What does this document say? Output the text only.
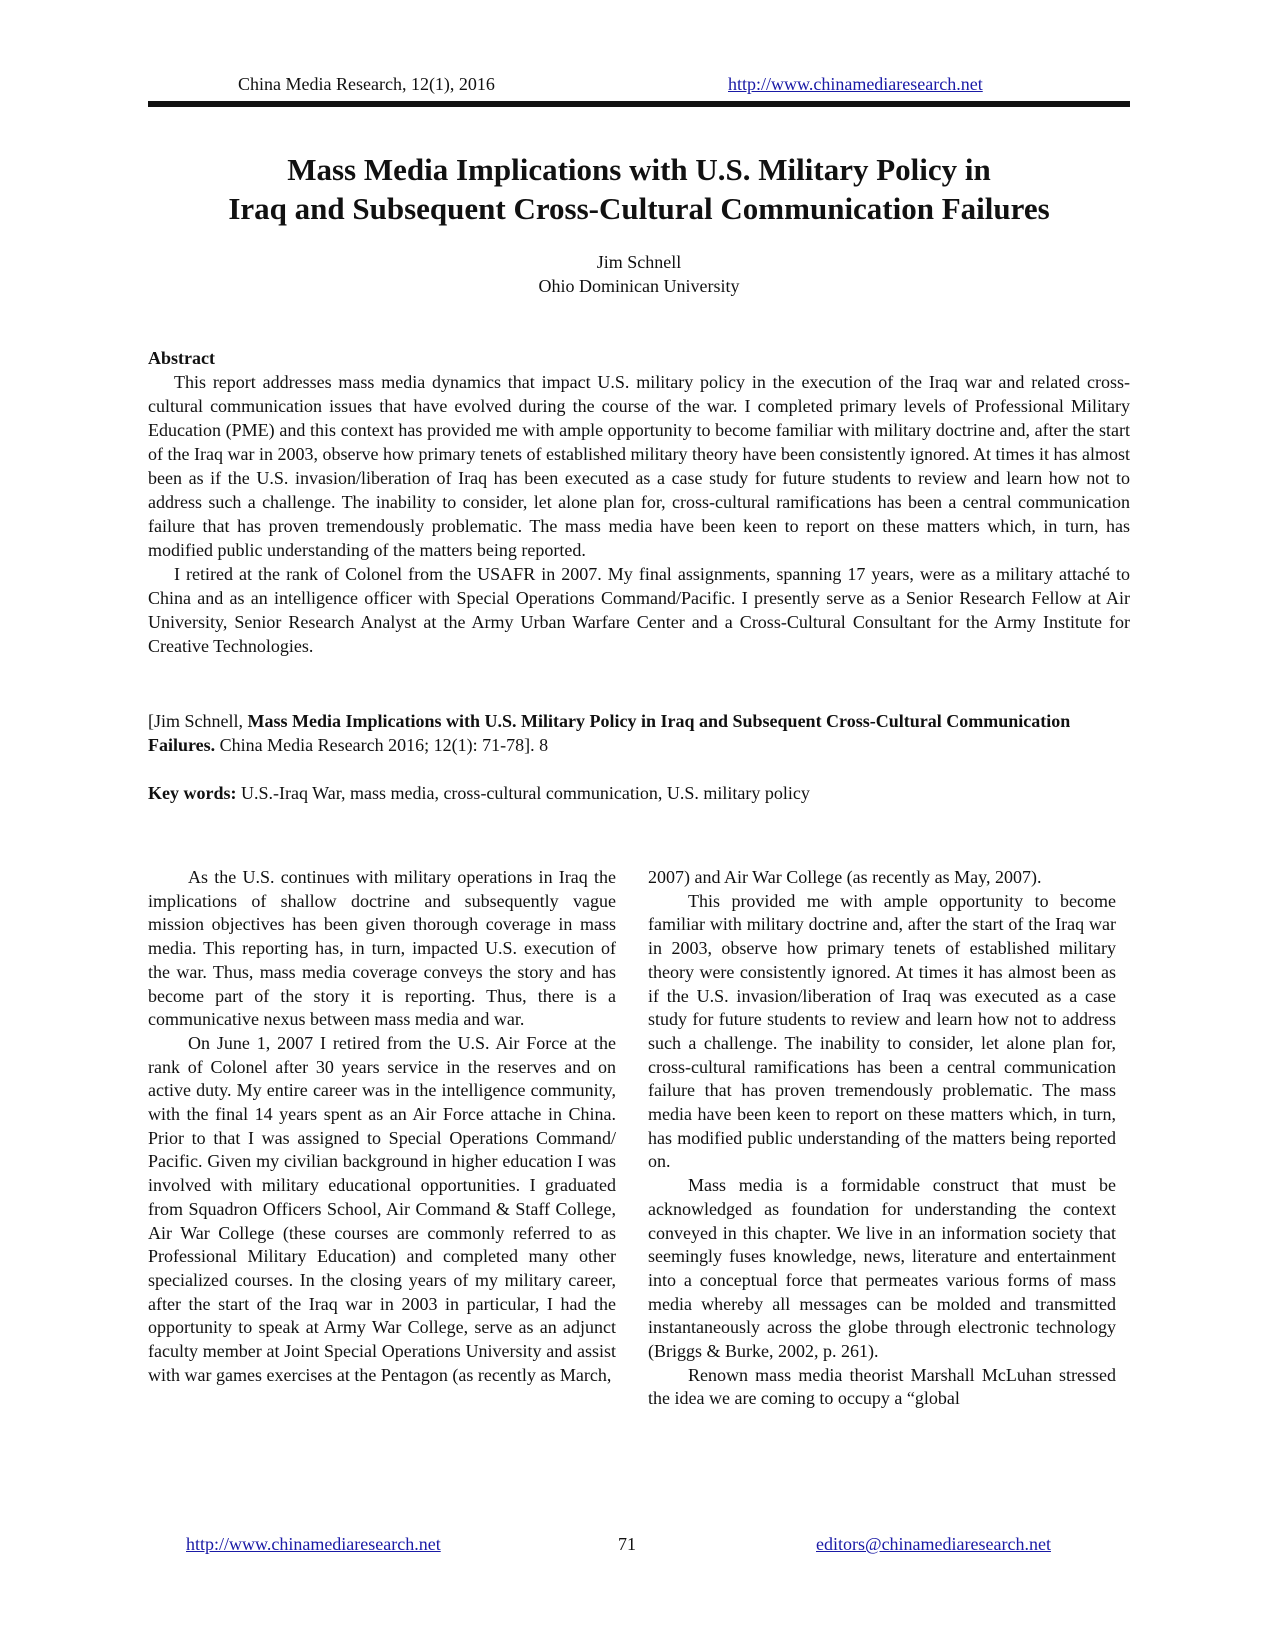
China Media Research, 12(1), 2016	http://www.chinamediaresearch.net
Mass Media Implications with U.S. Military Policy in
Iraq and Subsequent Cross-Cultural Communication Failures
Jim Schnell
Ohio Dominican University
Abstract

This report addresses mass media dynamics that impact U.S. military policy in the execution of the Iraq war and related cross-cultural communication issues that have evolved during the course of the war. I completed primary levels of Professional Military Education (PME) and this context has provided me with ample opportunity to become familiar with military doctrine and, after the start of the Iraq war in 2003, observe how primary tenets of established military theory have been consistently ignored. At times it has almost been as if the U.S. invasion/liberation of Iraq has been executed as a case study for future students to review and learn how not to address such a challenge. The inability to consider, let alone plan for, cross-cultural ramifications has been a central communication failure that has proven tremendously problematic. The mass media have been keen to report on these matters which, in turn, has modified public understanding of the matters being reported.

I retired at the rank of Colonel from the USAFR in 2007. My final assignments, spanning 17 years, were as a military attaché to China and as an intelligence officer with Special Operations Command/Pacific. I presently serve as a Senior Research Fellow at Air University, Senior Research Analyst at the Army Urban Warfare Center and a Cross-Cultural Consultant for the Army Institute for Creative Technologies.

[Jim Schnell, Mass Media Implications with U.S. Military Policy in Iraq and Subsequent Cross-Cultural Communication Failures. China Media Research 2016; 12(1): 71-78]. 8
Key words: U.S.-Iraq War, mass media, cross-cultural communication, U.S. military policy

As the U.S. continues with military operations in Iraq the implications of shallow doctrine and subsequently vague mission objectives has been given thorough coverage in mass media. This reporting has, in turn, impacted U.S. execution of the war. Thus, mass media coverage conveys the story and has become part of the story it is reporting. Thus, there is a communicative nexus between mass media and war.

On June 1, 2007 I retired from the U.S. Air Force at the rank of Colonel after 30 years service in the reserves and on active duty. My entire career was in the intelligence community, with the final 14 years spent as an Air Force attache in China. Prior to that I was assigned to Special Operations Command/ Pacific. Given my civilian background in higher education I was involved with military educational opportunities. I graduated from Squadron Officers School, Air Command & Staff College, Air War College (these courses are commonly referred to as Professional Military Education) and completed many other specialized courses. In the closing years of my military career, after the start of the Iraq war in 2003 in particular, I had the opportunity to speak at Army War College, serve as an adjunct faculty member at Joint Special Operations University and assist with war games exercises at the Pentagon (as recently as March,

2007) and Air War College (as recently as May, 2007).

This provided me with ample opportunity to become familiar with military doctrine and, after the start of the Iraq war in 2003, observe how primary tenets of established military theory were consistently ignored. At times it has almost been as if the U.S. invasion/liberation of Iraq was executed as a case study for future students to review and learn how not to address such a challenge. The inability to consider, let alone plan for, cross-cultural ramifications has been a central communication failure that has proven tremendously problematic. The mass media have been keen to report on these matters which, in turn, has modified public understanding of the matters being reported on.

Mass media is a formidable construct that must be acknowledged as foundation for understanding the context conveyed in this chapter. We live in an information society that seemingly fuses knowledge, news, literature and entertainment into a conceptual force that permeates various forms of mass media whereby all messages can be molded and transmitted instantaneously across the globe through electronic technology (Briggs & Burke, 2002, p. 261).

Renown mass media theorist Marshall McLuhan stressed the idea we are coming to occupy a “global

http://www.chinamediaresearch.net	71	editors@chinamediaresearch.net
